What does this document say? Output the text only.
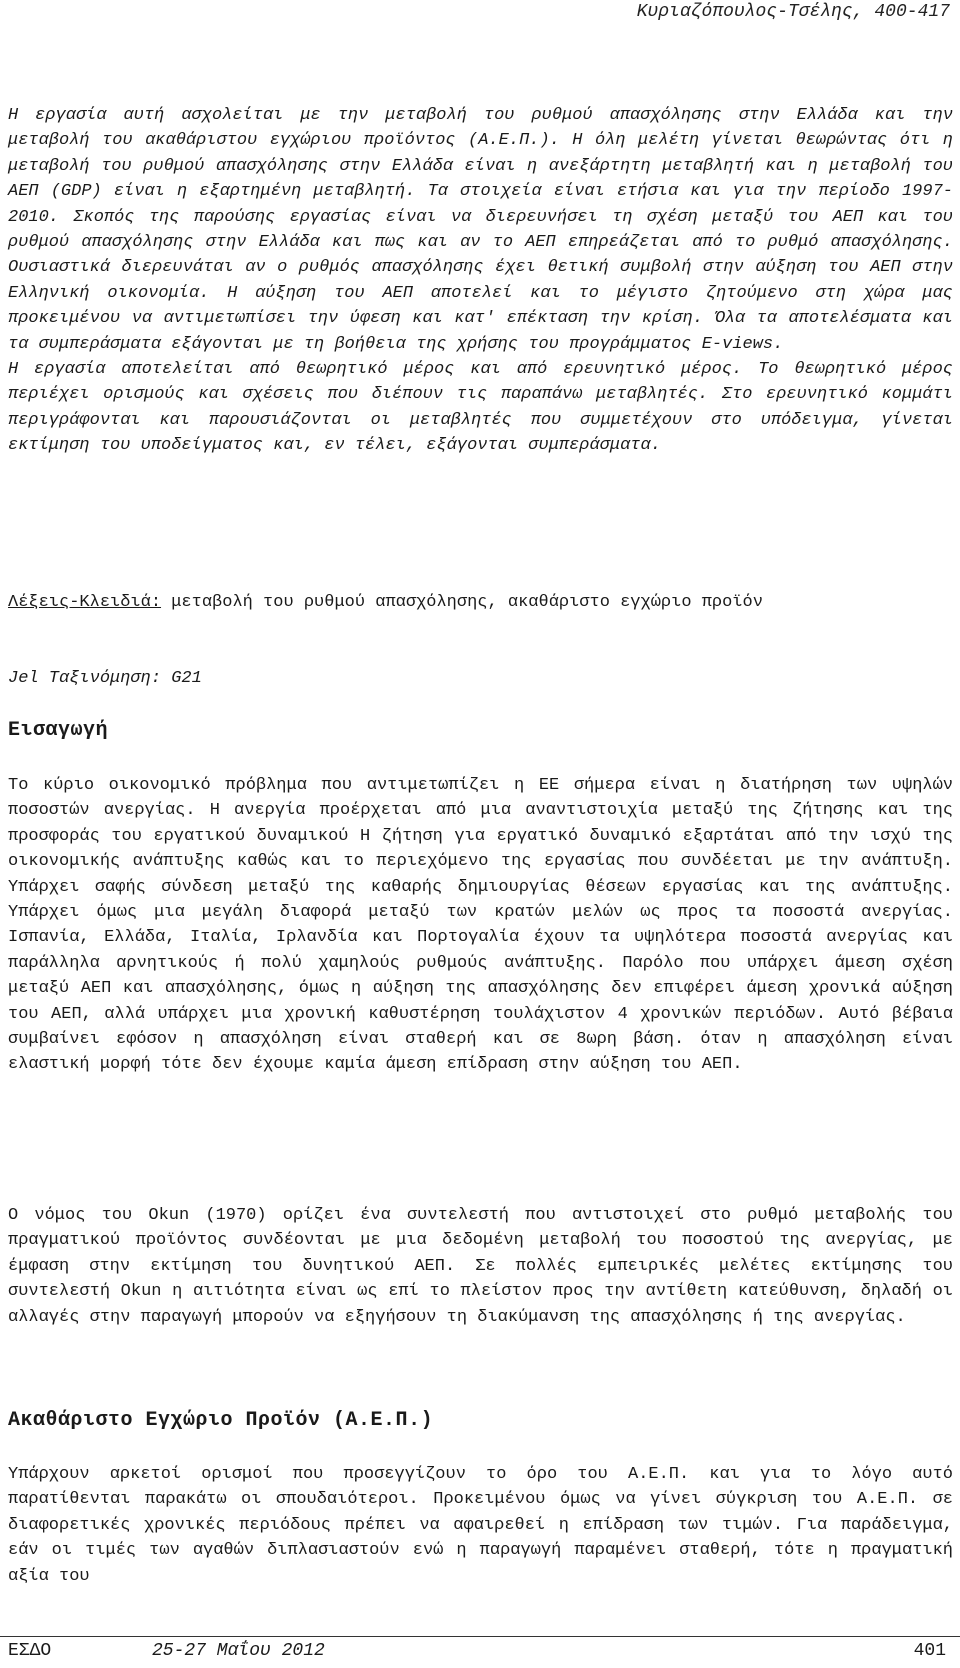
Κυριαζόπουλος-Τσέλης, 400-417

Η εργασία αυτή ασχολείται με την μεταβολή του ρυθμού απασχόλησης στην Ελλάδα και την μεταβολή του ακαθάριστου εγχώριου προϊόντος (Α.Ε.Π.). Η όλη μελέτη γίνεται θεωρώντας ότι η μεταβολή του ρυθμού απασχόλησης στην Ελλάδα είναι η ανεξάρτητη μεταβλητή και η μεταβολή του ΑΕΠ (GDP) είναι η εξαρτημένη μεταβλητή. Τα στοιχεία είναι ετήσια και για την περίοδο 1997-2010. Σκοπός της παρούσης εργασίας είναι να διερευνήσει τη σχέση μεταξύ του ΑΕΠ και του ρυθμού απασχόλησης στην Ελλάδα και πως και αν το ΑΕΠ επηρεάζεται από το ρυθμό απασχόλησης. Ουσιαστικά διερευνάται αν ο ρυθμός απασχόλησης έχει θετική συμβολή στην αύξηση του ΑΕΠ στην Ελληνική οικονομία. Η αύξηση του ΑΕΠ αποτελεί και το μέγιστο ζητούμενο στη χώρα μας προκειμένου να αντιμετωπίσει την ύφεση και κατ' επέκταση την κρίση. Όλα τα αποτελέσματα και τα συμπεράσματα εξάγονται με τη βοήθεια της χρήσης του προγράμματος E-views.

Η εργασία αποτελείται από θεωρητικό μέρος και από ερευνητικό μέρος. Το θεωρητικό μέρος περιέχει ορισμούς και σχέσεις που διέπουν τις παραπάνω μεταβλητές. Στο ερευνητικό κομμάτι περιγράφονται και παρουσιάζονται οι μεταβλητές που συμμετέχουν στο υπόδειγμα, γίνεται εκτίμηση του υποδείγματος και, εν τέλει, εξάγονται συμπεράσματα.

Λέξεις-Κλειδιά: μεταβολή του ρυθμού απασχόλησης, ακαθάριστο εγχώριο προϊόν
Jel Ταξινόμηση: G21
Εισαγωγή
Το κύριο οικονομικό πρόβλημα που αντιμετωπίζει η ΕΕ σήμερα είναι η διατήρηση των υψηλών ποσοστών ανεργίας. Η ανεργία προέρχεται από μια αναντιστοιχία μεταξύ της ζήτησης και της προσφοράς του εργατικού δυναμικού Η ζήτηση για εργατικό δυναμικό εξαρτάται από την ισχύ της οικονομικής ανάπτυξης καθώς και το περιεχόμενο της εργασίας που συνδέεται με την ανάπτυξη. Υπάρχει σαφής σύνδεση μεταξύ της καθαρής δημιουργίας θέσεων εργασίας και της ανάπτυξης. Υπάρχει όμως μια μεγάλη διαφορά μεταξύ των κρατών μελών ως προς τα ποσοστά ανεργίας. Ισπανία, Ελλάδα, Ιταλία, Ιρλανδία και Πορτογαλία έχουν τα υψηλότερα ποσοστά ανεργίας και παράλληλα αρνητικούς ή πολύ χαμηλούς ρυθμούς ανάπτυξης. Παρόλο που υπάρχει άμεση σχέση μεταξύ ΑΕΠ και απασχόλησης, όμως η αύξηση της απασχόλησης δεν επιφέρει άμεση χρονικά αύξηση του ΑΕΠ, αλλά υπάρχει μια χρονική καθυστέρηση τουλάχιστον 4 χρονικών περιόδων. Αυτό βέβαια συμβαίνει εφόσον η απασχόληση είναι σταθερή και σε 8ωρη βάση. όταν η απασχόληση είναι ελαστική μορφή τότε δεν έχουμε καμία άμεση επίδραση στην αύξηση του ΑΕΠ.
Ο νόμος του Okun (1970) ορίζει ένα συντελεστή που αντιστοιχεί στο ρυθμό μεταβολής του πραγματικού προϊόντος συνδέονται με μια δεδομένη μεταβολή του ποσοστού της ανεργίας, με έμφαση στην εκτίμηση του δυνητικού ΑΕΠ. Σε πολλές εμπειρικές μελέτες εκτίμησης του συντελεστή Okun η αιτιότητα είναι ως επί το πλείστον προς την αντίθετη κατεύθυνση, δηλαδή οι αλλαγές στην παραγωγή μπορούν να εξηγήσουν τη διακύμανση της απασχόλησης ή της ανεργίας.
Ακαθάριστο Εγχώριο Προϊόν (Α.Ε.Π.)
Υπάρχουν αρκετοί ορισμοί που προσεγγίζουν το όρο του Α.Ε.Π. και για το λόγο αυτό παρατίθενται παρακάτω οι σπουδαιότεροι. Προκειμένου όμως να γίνει σύγκριση του Α.Ε.Π. σε διαφορετικές χρονικές περιόδους πρέπει να αφαιρεθεί η επίδραση των τιμών. Για παράδειγμα, εάν οι τιμές των αγαθών διπλασιαστούν ενώ η παραγωγή παραμένει σταθερή, τότε η πραγματική αξία του
ΕΣΔΟ	25-27 Μαΐου 2012	401
